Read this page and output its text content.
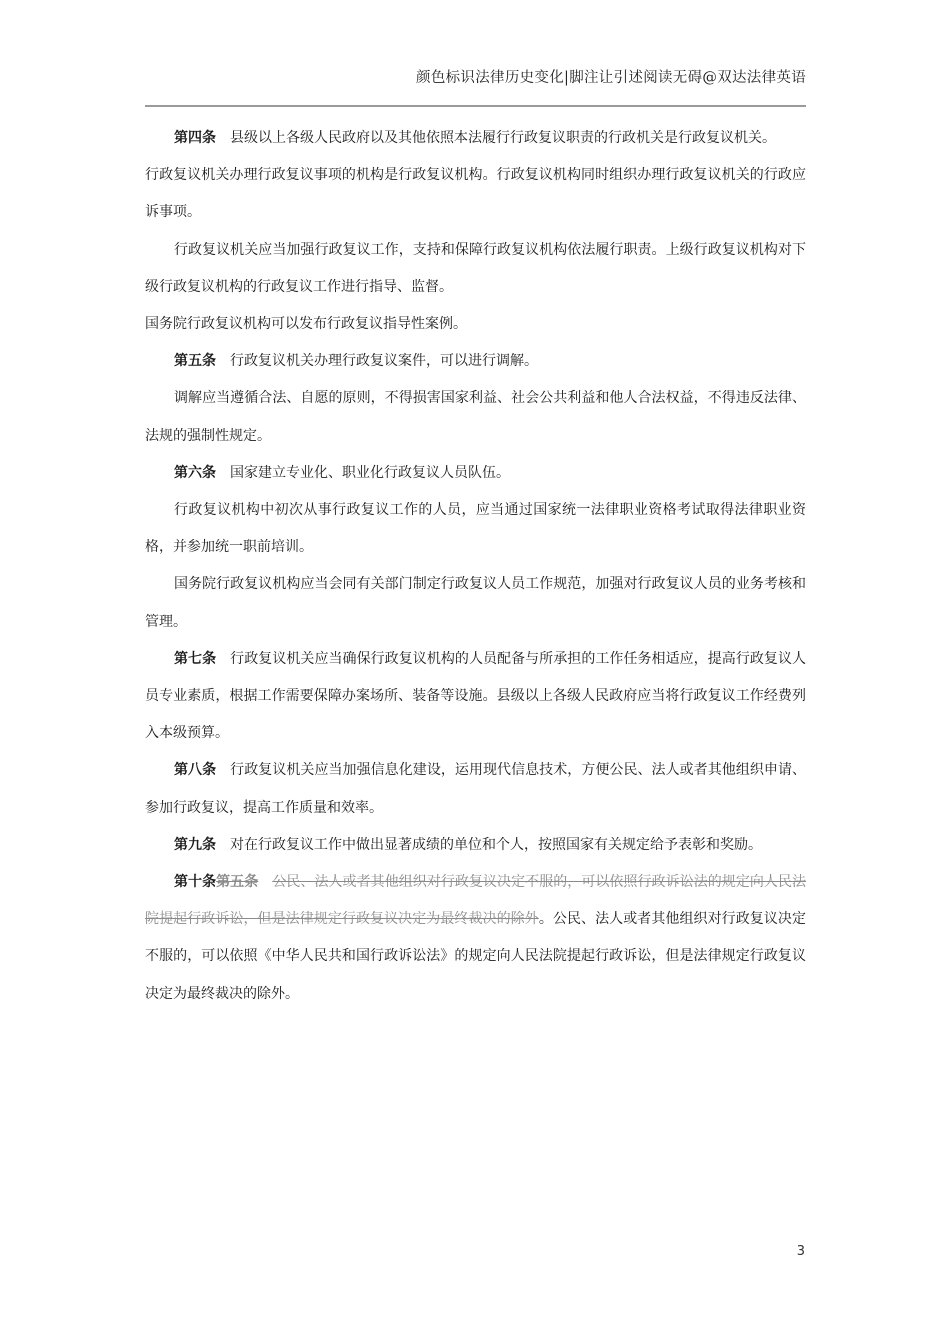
颜色标识法律历史变化|脚注让引述阅读无碍@双达法律英语

第四条 县级以上各级人民政府以及其他依照本法履行行政复议职责的行政机关是行政复议机关。

行政复议机关办理行政复议事项的机构是行政复议机构。行政复议机构同时组织办理行政复议机关的行政应诉事项。

行政复议机关应当加强行政复议工作，支持和保障行政复议机构依法履行职责。上级行政复议机构对下级行政复议机构的行政复议工作进行指导、监督。

国务院行政复议机构可以发布行政复议指导性案例。

第五条 行政复议机关办理行政复议案件，可以进行调解。

调解应当遵循合法、自愿的原则，不得损害国家利益、社会公共利益和他人合法权益，不得违反法律、法规的强制性规定。

第六条 国家建立专业化、职业化行政复议人员队伍。

行政复议机构中初次从事行政复议工作的人员，应当通过国家统一法律职业资格考试取得法律职业资格，并参加统一职前培训。

国务院行政复议机构应当会同有关部门制定行政复议人员工作规范，加强对行政复议人员的业务考核和管理。

第七条 行政复议机关应当确保行政复议机构的人员配备与所承担的工作任务相适应，提高行政复议人员专业素质，根据工作需要保障办案场所、装备等设施。县级以上各级人民政府应当将行政复议工作经费列入本级预算。

第八条 行政复议机关应当加强信息化建设，运用现代信息技术，方便公民、法人或者其他组织申请、参加行政复议，提高工作质量和效率。

第九条 对在行政复议工作中做出显著成绩的单位和个人，按照国家有关规定给予表彰和奖励。

第十条第五条 公民、法人或者其他组织对行政复议决定不服的，可以依照行政诉讼法的规定向人民法院提起行政诉讼，但是法律规定行政复议决定为最终裁决的除外。公民、法人或者其他组织对行政复议决定不服的，可以依照《中华人民共和国行政诉讼法》的规定向人民法院提起行政诉讼，但是法律规定行政复议决定为最终裁决的除外。

3
